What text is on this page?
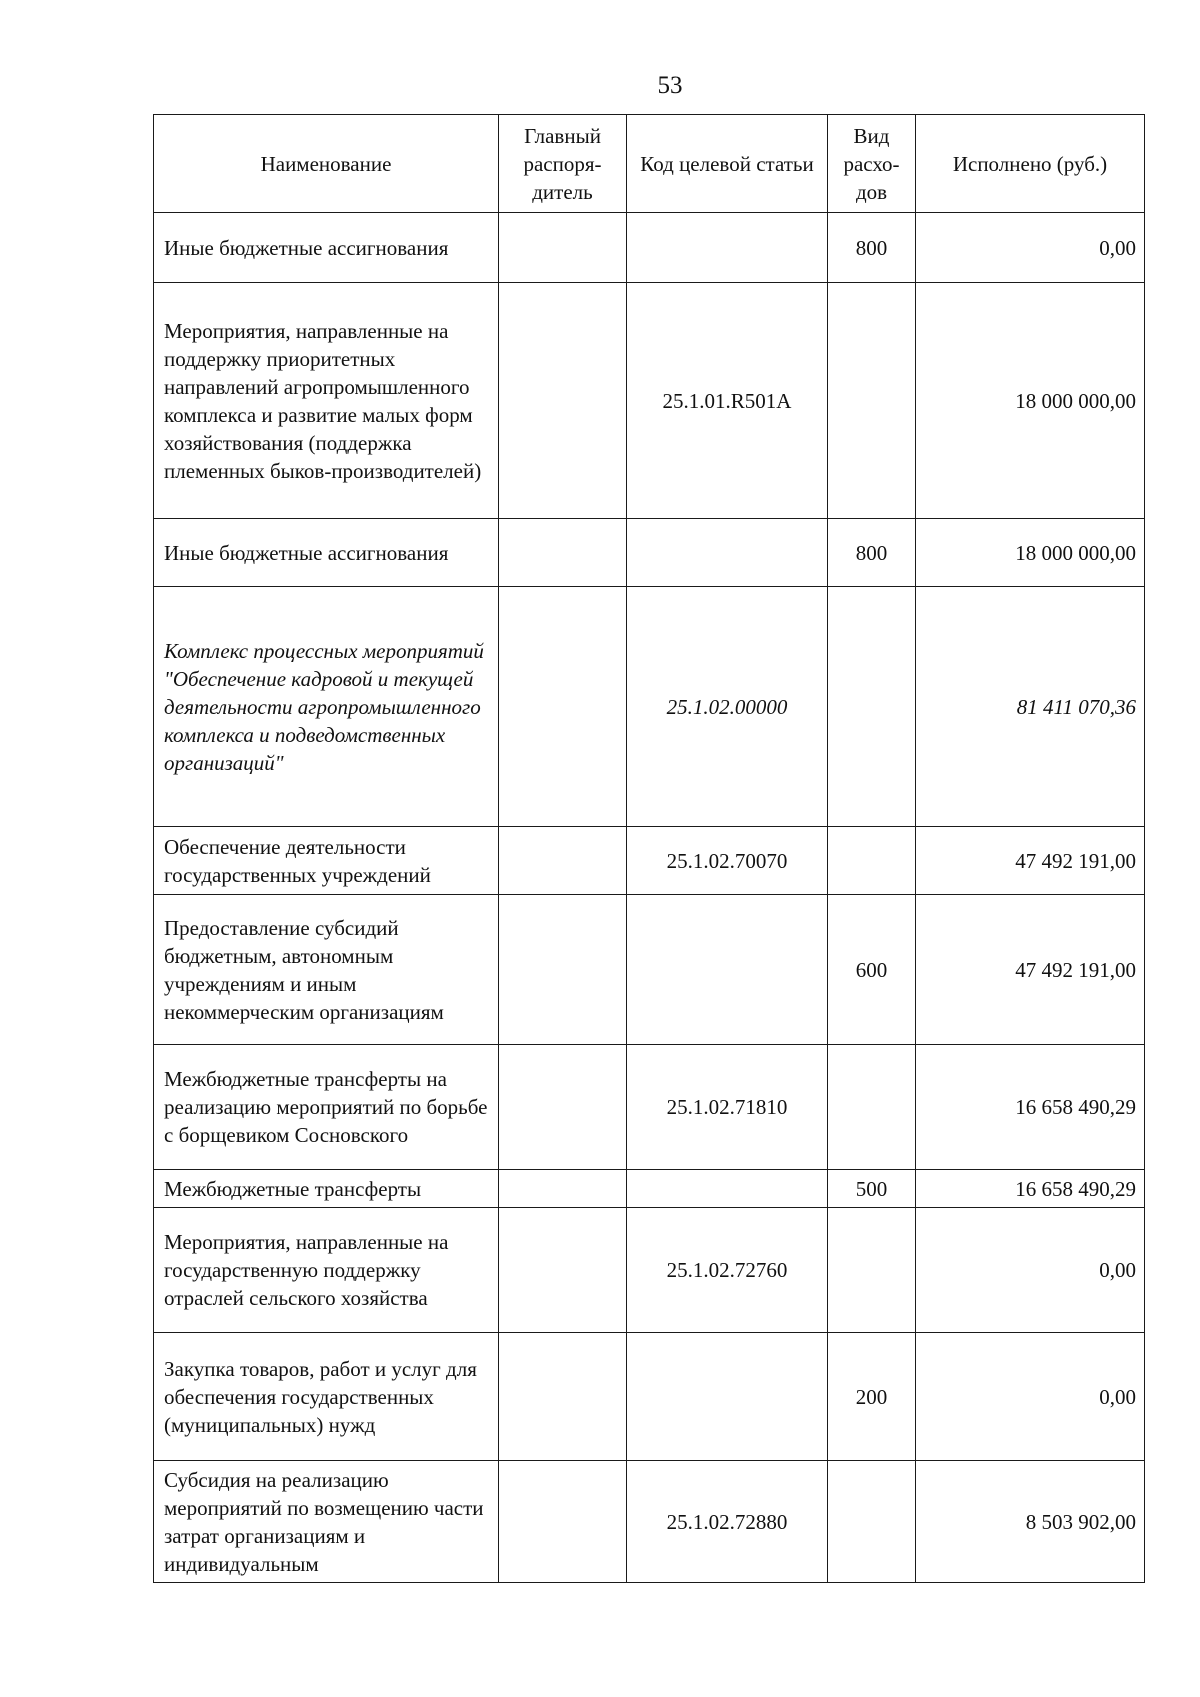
53
Наименование	Главный распоря-дитель	Код целевой статьи	Вид расхо-дов	Исполнено (руб.)
Иные бюджетные ассигнования			800	0,00
Мероприятия, направленные на поддержку приоритетных направлений агропромышленного комплекса и развитие малых форм хозяйствования (поддержка племенных быков-производителей)		25.1.01.R501A		18 000 000,00
Иные бюджетные ассигнования			800	18 000 000,00
Комплекс процессных мероприятий "Обеспечение кадровой и текущей деятельности агропромышленного комплекса и подведомственных организаций"		25.1.02.00000		81 411 070,36
Обеспечение деятельности государственных учреждений		25.1.02.70070		47 492 191,00
Предоставление субсидий бюджетным, автономным учреждениям и иным некоммерческим организациям			600	47 492 191,00
Межбюджетные трансферты на реализацию мероприятий по борьбе с борщевиком Сосновского		25.1.02.71810		16 658 490,29
Межбюджетные трансферты			500	16 658 490,29
Мероприятия, направленные на государственную поддержку отраслей сельского хозяйства		25.1.02.72760		0,00
Закупка товаров, работ и услуг для обеспечения государственных (муниципальных) нужд			200	0,00
Субсидия на реализацию мероприятий по возмещению части затрат организациям и индивидуальным		25.1.02.72880		8 503 902,00
